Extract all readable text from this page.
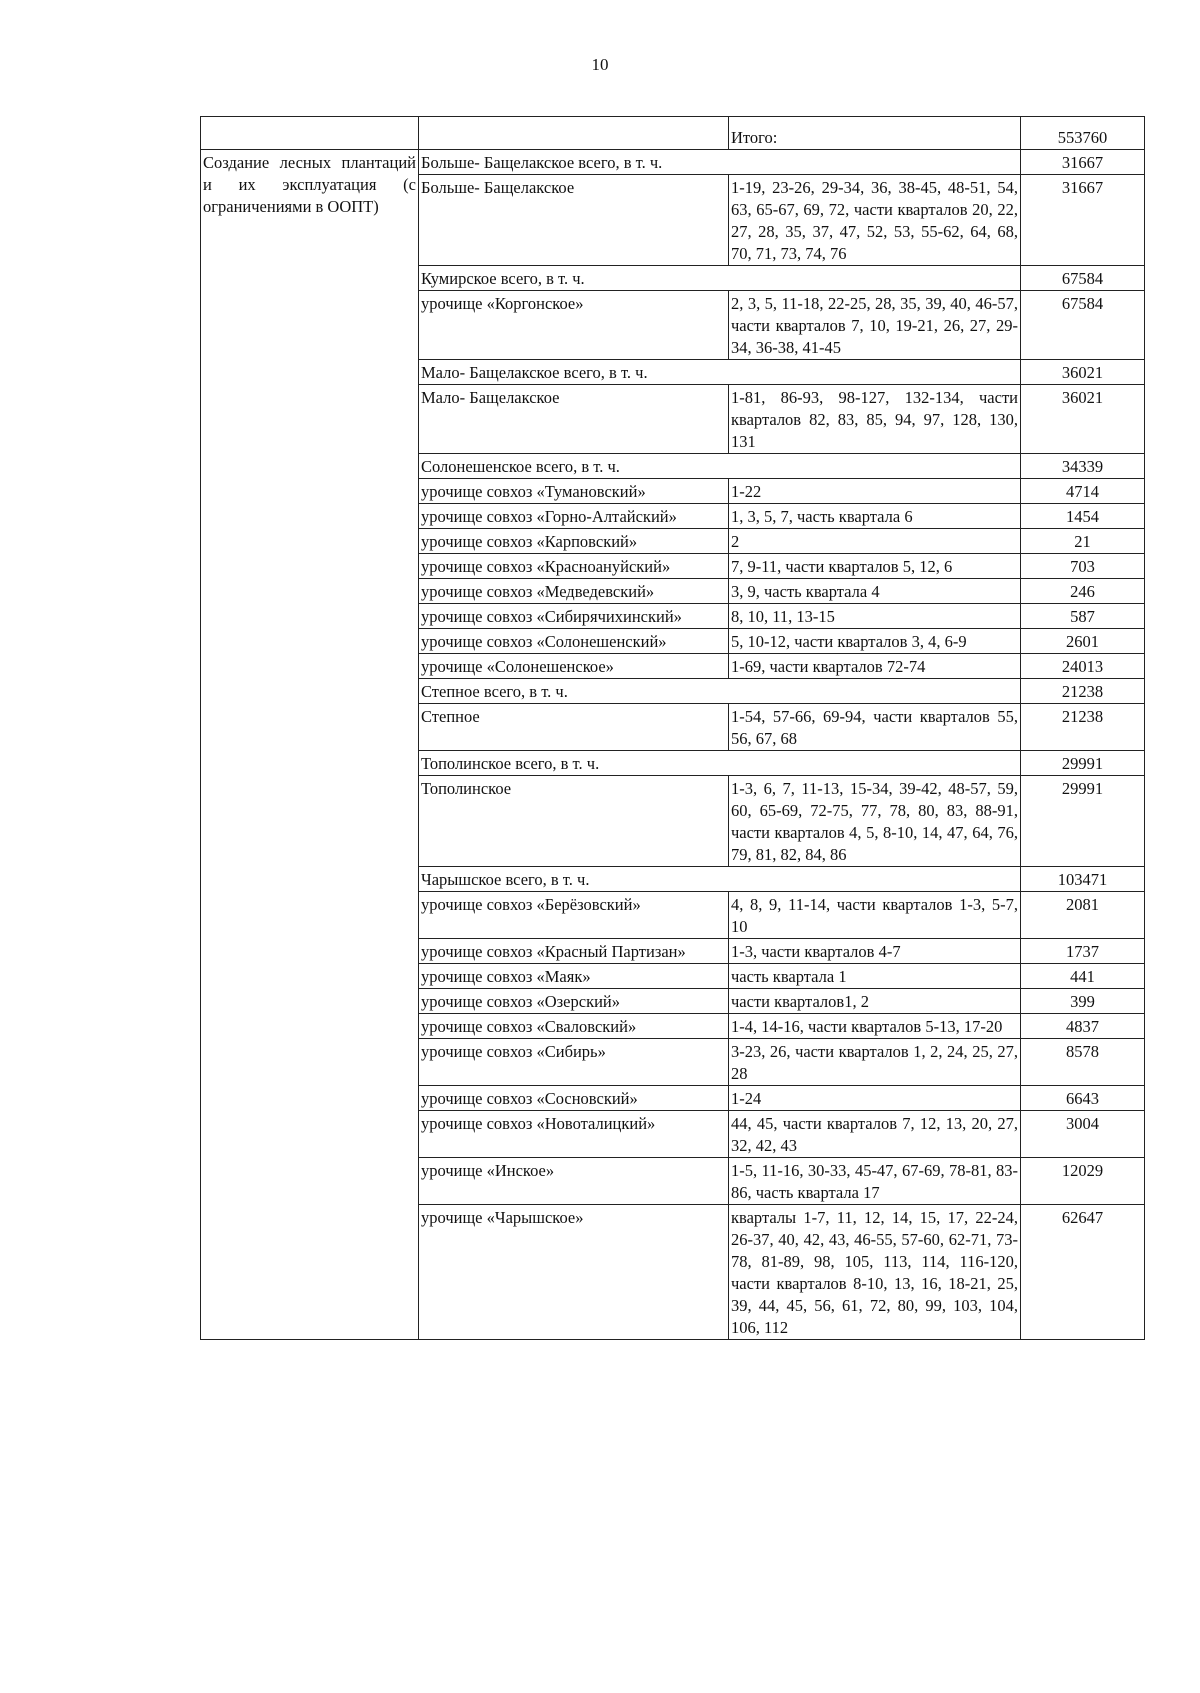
10
		Итого:	553760
Создание лесных плантаций и их эксплуатация (с ограничениями в ООПТ)	Больше- Бащелакское всего, в т. ч.		31667
	Больше- Бащелакское	1-19, 23-26, 29-34, 36, 38-45, 48-51, 54, 63, 65-67, 69, 72, части кварталов 20, 22, 27, 28, 35, 37, 47, 52, 53, 55-62, 64, 68, 70, 71, 73, 74, 76	31667
	Кумирское всего, в т. ч.		67584
	урочище «Коргонское»	2, 3, 5, 11-18, 22-25, 28, 35, 39, 40, 46-57, части кварталов 7, 10, 19-21, 26, 27, 29-34, 36-38, 41-45	67584
	Мало- Бащелакское всего, в т. ч.		36021
	Мало- Бащелакское	1-81, 86-93, 98-127, 132-134, части кварталов 82, 83, 85, 94, 97, 128, 130, 131	36021
	Солонешенское всего, в т. ч.		34339
	урочище совхоз «Тумановский»	1-22	4714
	урочище совхоз «Горно-Алтайский»	1, 3, 5, 7, часть квартала 6	1454
	урочище совхоз «Карповский»	2	21
	урочище совхоз «Красноануйский»	7, 9-11, части кварталов 5, 12, 6	703
	урочище совхоз «Медведевский»	3, 9, часть квартала 4	246
	урочище совхоз «Сибирячихинский»	8, 10, 11, 13-15	587
	урочище совхоз «Солонешенский»	5, 10-12, части кварталов 3, 4, 6-9	2601
	урочище «Солонешенское»	1-69, части кварталов 72-74	24013
	Степное всего, в т. ч.		21238
	Степное	1-54, 57-66, 69-94, части кварталов 55, 56, 67, 68	21238
	Тополинское всего, в т. ч.		29991
	Тополинское	1-3, 6, 7, 11-13, 15-34, 39-42, 48-57, 59, 60, 65-69, 72-75, 77, 78, 80, 83, 88-91, части кварталов 4, 5, 8-10, 14, 47, 64, 76, 79, 81, 82, 84, 86	29991
	Чарышское всего, в т. ч.		103471
	урочище совхоз «Берёзовский»	4, 8, 9, 11-14, части кварталов 1-3, 5-7, 10	2081
	урочище совхоз «Красный Партизан»	1-3, части кварталов 4-7	1737
	урочище совхоз «Маяк»	часть квартала 1	441
	урочище совхоз «Озерский»	части кварталов1, 2	399
	урочище совхоз «Сваловский»	1-4, 14-16, части кварталов 5-13, 17-20	4837
	урочище совхоз «Сибирь»	3-23, 26, части кварталов 1, 2, 24, 25, 27, 28	8578
	урочище совхоз «Сосновский»	1-24	6643
	урочище совхоз «Новоталицкий»	44, 45, части кварталов 7, 12, 13, 20, 27, 32, 42, 43	3004
	урочище «Инское»	1-5, 11-16, 30-33, 45-47, 67-69, 78-81, 83-86, часть квартала 17	12029
	урочище «Чарышское»	кварталы 1-7, 11, 12, 14, 15, 17, 22-24, 26-37, 40, 42, 43, 46-55, 57-60, 62-71, 73-78, 81-89, 98, 105, 113, 114, 116-120, части кварталов 8-10, 13, 16, 18-21, 25, 39, 44, 45, 56, 61, 72, 80, 99, 103, 104, 106, 112	62647
